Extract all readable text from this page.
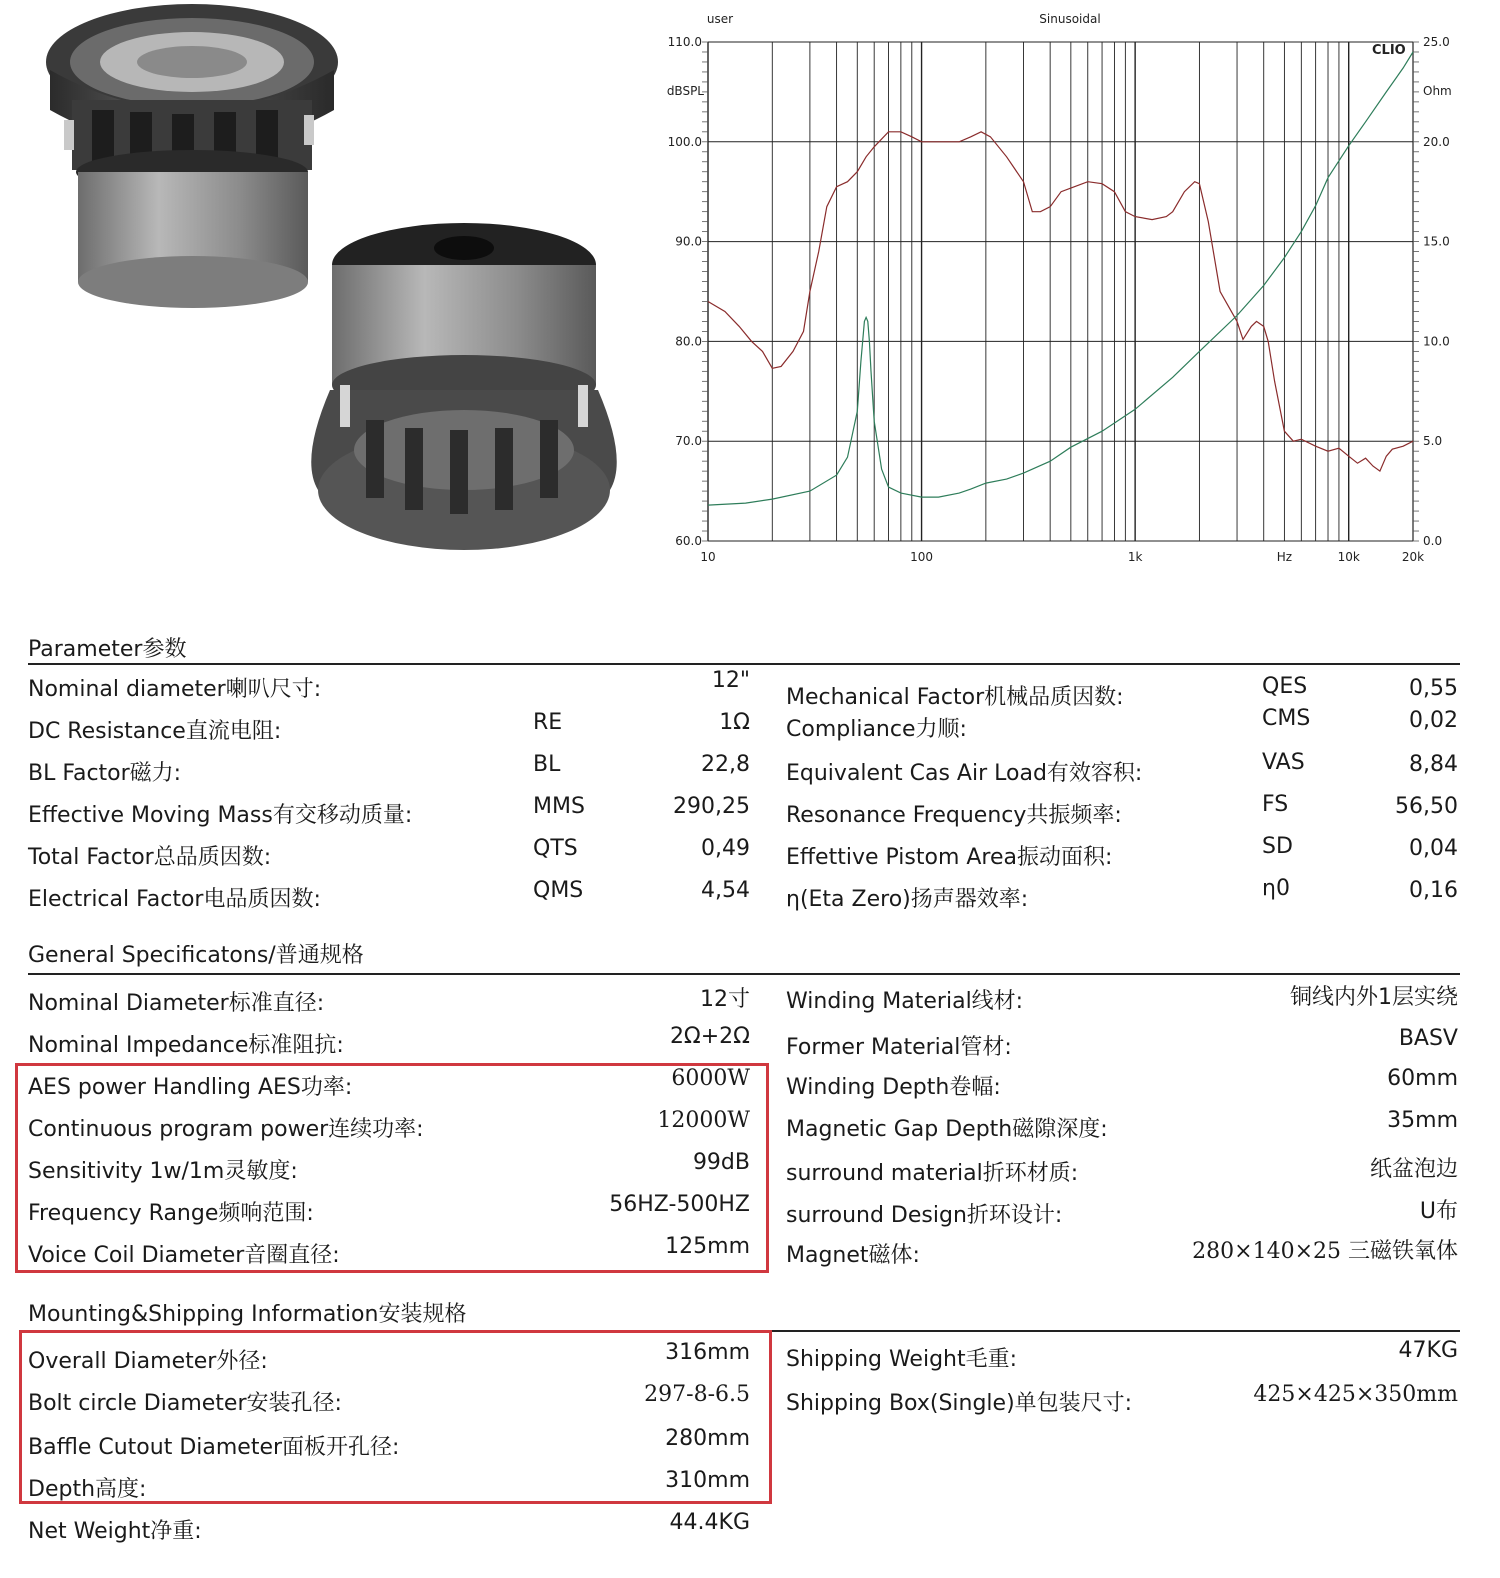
110.0
100.0
90.0
80.0
70.0
60.0
25.0
20.0
15.0
10.0
5.0
0.0
dBSPL	Ohm
user	Sinusoidal
CLIO
10	100	1k	Hz	10k	20k
Parameter参数
Nominal diameter喇叭尺寸:	12"
DC Resistance直流电阻:	RE	1Ω
BL Factor磁力:	BL	22,8
Effective Moving Mass有交移动质量:	MMS	290,25
Total Factor总品质因数:	QTS	0,49
Electrical Factor电品质因数:	QMS	4,54
Mechanical Factor机械品质因数:	QES	0,55
Compliance力顺:	CMS	0,02
Equivalent Cas Air Load有效容积:	VAS	8,84
Resonance Frequency共振频率:	FS	56,50
Effettive Pistom Area振动面积:	SD	0,04
η(Eta Zero)扬声器效率:	η0	0,16
General Specificatons/普通规格
Nominal Diameter标准直径:	12寸
Nominal Impedance标准阻抗:	2Ω+2Ω
AES power Handling AES功率:	6000W
Continuous program power连续功率:	12000W
Sensitivity 1w/1m灵敏度:	99dB
Frequency Range频响范围:	56HZ-500HZ
Voice Coil Diameter音圈直径:	125mm
Winding Material线材:	铜线内外1层实绕
Former Material管材:	BASV
Winding Depth卷幅:	60mm
Magnetic Gap Depth磁隙深度:	35mm
surround material折环材质:	纸盆泡边
surround Design折环设计:	U布
Magnet磁体:	280×140×25 三磁铁氧体
Mounting&Shipping Information安装规格
Overall Diameter外径:	316mm
Bolt circle Diameter安装孔径:	297-8-6.5
Baffle Cutout Diameter面板开孔径:	280mm
Depth高度:	310mm
Net Weight净重:	44.4KG
Shipping Weight毛重:	47KG
Shipping Box(Single)单包装尺寸:	425×425×350mm
